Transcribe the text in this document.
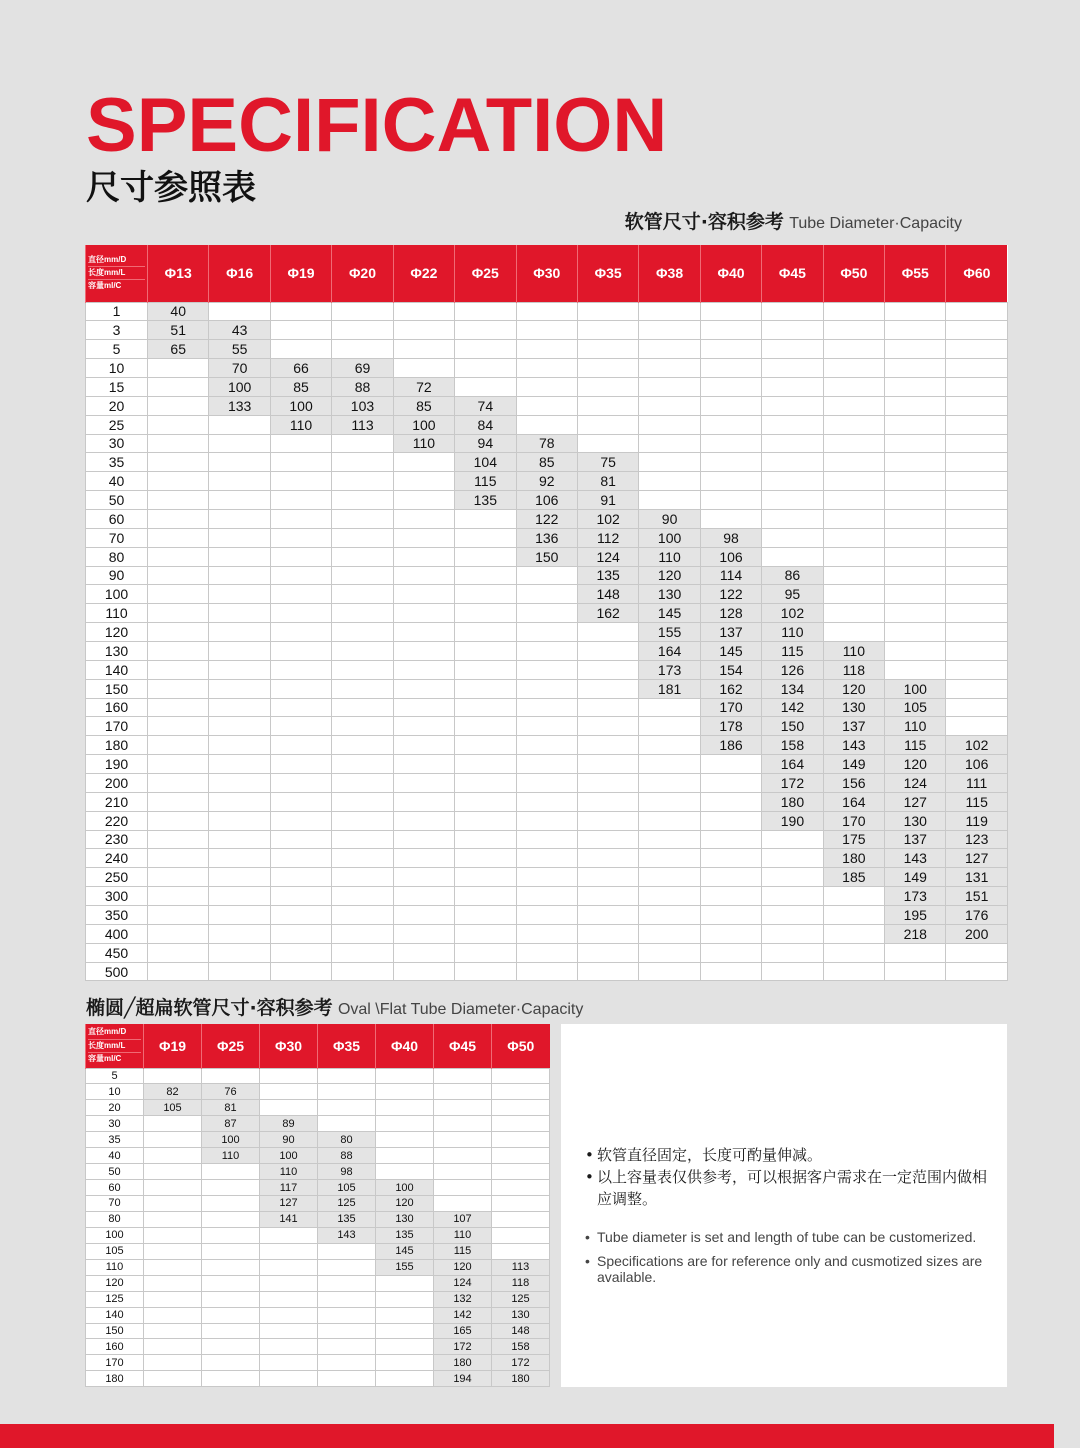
SPECIFICATION
尺寸参照表
软管尺寸·容积参考 Tube Diameter·Capacity
直径mm/D
长度mm/L
容量ml/C	Φ13	Φ16	Φ19	Φ20	Φ22	Φ25	Φ30	Φ35	Φ38	Φ40	Φ45	Φ50	Φ55	Φ60
1	40													
3	51	43												
5	65	55												
10		70	66	69										
15		100	85	88	72									
20		133	100	103	85	74								
25			110	113	100	84								
30					110	94	78							
35						104	85	75						
40						115	92	81						
50						135	106	91						
60							122	102	90					
70							136	112	100	98				
80							150	124	110	106				
90								135	120	114	86			
100								148	130	122	95			
110								162	145	128	102			
120									155	137	110			
130									164	145	115	110		
140									173	154	126	118		
150									181	162	134	120	100	
160										170	142	130	105	
170										178	150	137	110	
180										186	158	143	115	102
190											164	149	120	106
200											172	156	124	111
210											180	164	127	115
220											190	170	130	119
230												175	137	123
240												180	143	127
250												185	149	131
300													173	151
350													195	176
400													218	200
450														
500														
椭圆╱超扁软管尺寸·容积参考 Oval \Flat Tube Diameter·Capacity
直径mm/D
长度mm/L
容量ml/C	Φ19	Φ25	Φ30	Φ35	Φ40	Φ45	Φ50
5							
10	82	76					
20	105	81					
30		87	89				
35		100	90	80			
40		110	100	88			
50			110	98			
60			117	105	100		
70			127	125	120		
80			141	135	130	107	
100				143	135	110	
105					145	115	
110					155	120	113
120						124	118
125						132	125
140						142	130
150						165	148
160						172	158
170						180	172
180						194	180
• 软管直径固定，长度可酌量伸减。
• 以上容量表仅供参考，可以根据客户需求在一定范围内做相应调整。
• Tube diameter is set and length of tube can be customerized.
• Specifications are for reference only and cusmotized sizes are available.
